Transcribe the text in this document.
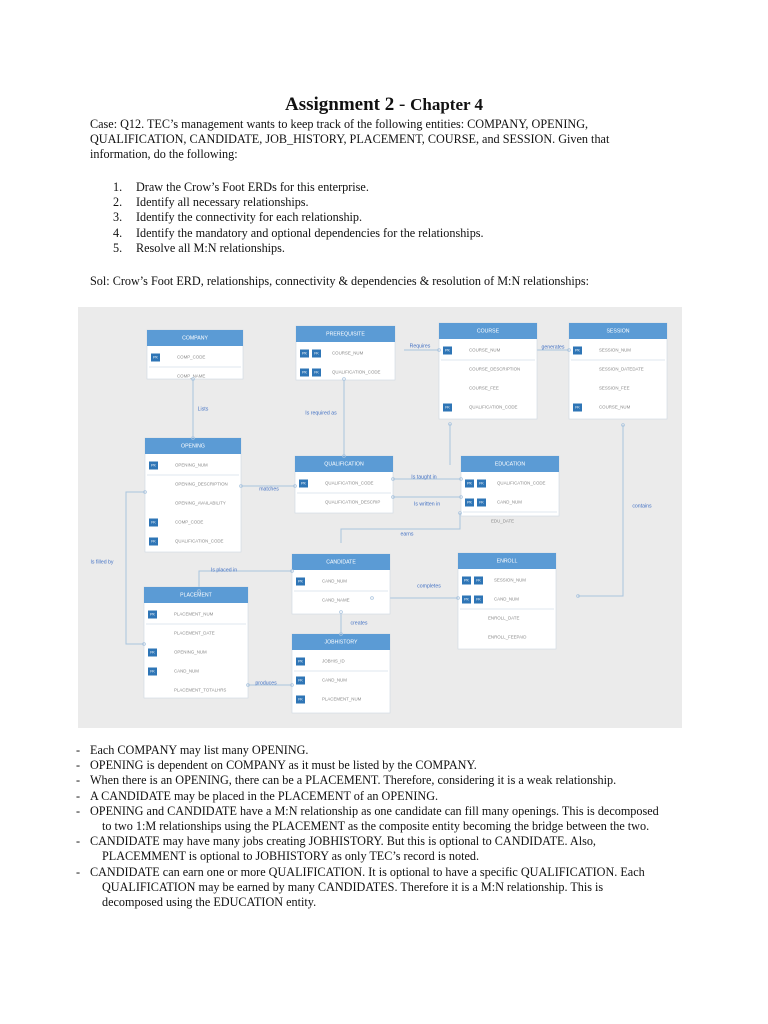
Assignment 2 - Chapter 4

Case: Q12. TEC’s management wants to keep track of the following entities: COMPANY, OPENING,

QUALIFICATION, CANDIDATE, JOB_HISTORY, PLACEMENT, COURSE, and SESSION. Given that

information, do the following:

1.	Draw the Crow’s Foot ERDs for this enterprise.
2.	Identify all necessary relationships.
3.	Identify the connectivity for each relationship.
4.	Identify the mandatory and optional dependencies for the relationships.
5.	Resolve all M:N relationships.
Sol: Crow’s Foot ERD, relationships, connectivity & dependencies & resolution of M:N relationships:
Requires	generates
Lists
Is required as
matches
Is taught in
Is written in	contains
earns
Is filled by
Is placed in
completes
creates
produces
COMPANY
PK	COMP_CODE
COMP_NAME
PREREQUISITE
PK FK	COURSE_NUM
PK FK	QUALIFICATION_CODE
COURSE
PK	COURSE_NUM
COURSE_DESCRIPTION
COURSE_FEE
FK	QUALIFICATION_CODE
SESSION
PK	SESSION_NUM
SESSION_DATEDATE
SESSION_FEE
FK	COURSE_NUM
OPENING
PK	OPENING_NUM
OPENING_DESCRIPTION
OPENING_AVAILABILITY
FK	COMP_CODE
FK	QUALIFICATION_CODE
QUALIFICATION
PK	QUALIFICATION_CODE
QUALIFICATION_DESCRIP
EDUCATION
PK FK	QUALIFICATION_CODE
PK FK	CAND_NUM
EDU_DATE
CANDIDATE
PK	CAND_NUM
CAND_NAME
ENROLL
PK FK	SESSION_NUM
PK FK	CAND_NUM
ENROLL_DATE
ENROLL_FEEPAID
PLACEMENT
PK	PLACEMENT_NUM
PLACEMENT_DATE
FK	OPENING_NUM
FK	CAND_NUM
PLACEMENT_TOTALHRS
JOBHISTORY
PK	JOBHIS_ID
FK	CAND_NUM
FK	PLACEMENT_NUM
- Each COMPANY may list many OPENING.
- OPENING is dependent on COMPANY as it must be listed by the COMPANY.
- When there is an OPENING, there can be a PLACEMENT. Therefore, considering it is a weak relationship.
- A CANDIDATE may be placed in the PLACEMENT of an OPENING.
- OPENING and CANDIDATE have a M:N relationship as one candidate can fill many openings. This is decomposed
to two 1:M relationships using the PLACEMENT as the composite entity becoming the bridge between the two.
- CANDIDATE may have many jobs creating JOBHISTORY. But this is optional to CANDIDATE. Also,
PLACEMMENT is optional to JOBHISTORY as only TEC’s record is noted.
- CANDIDATE can earn one or more QUALIFICATION. It is optional to have a specific QUALIFICATION. Each
QUALIFICATION may be earned by many CANDIDATES. Therefore it is a M:N relationship. This is
decomposed using the EDUCATION entity.
